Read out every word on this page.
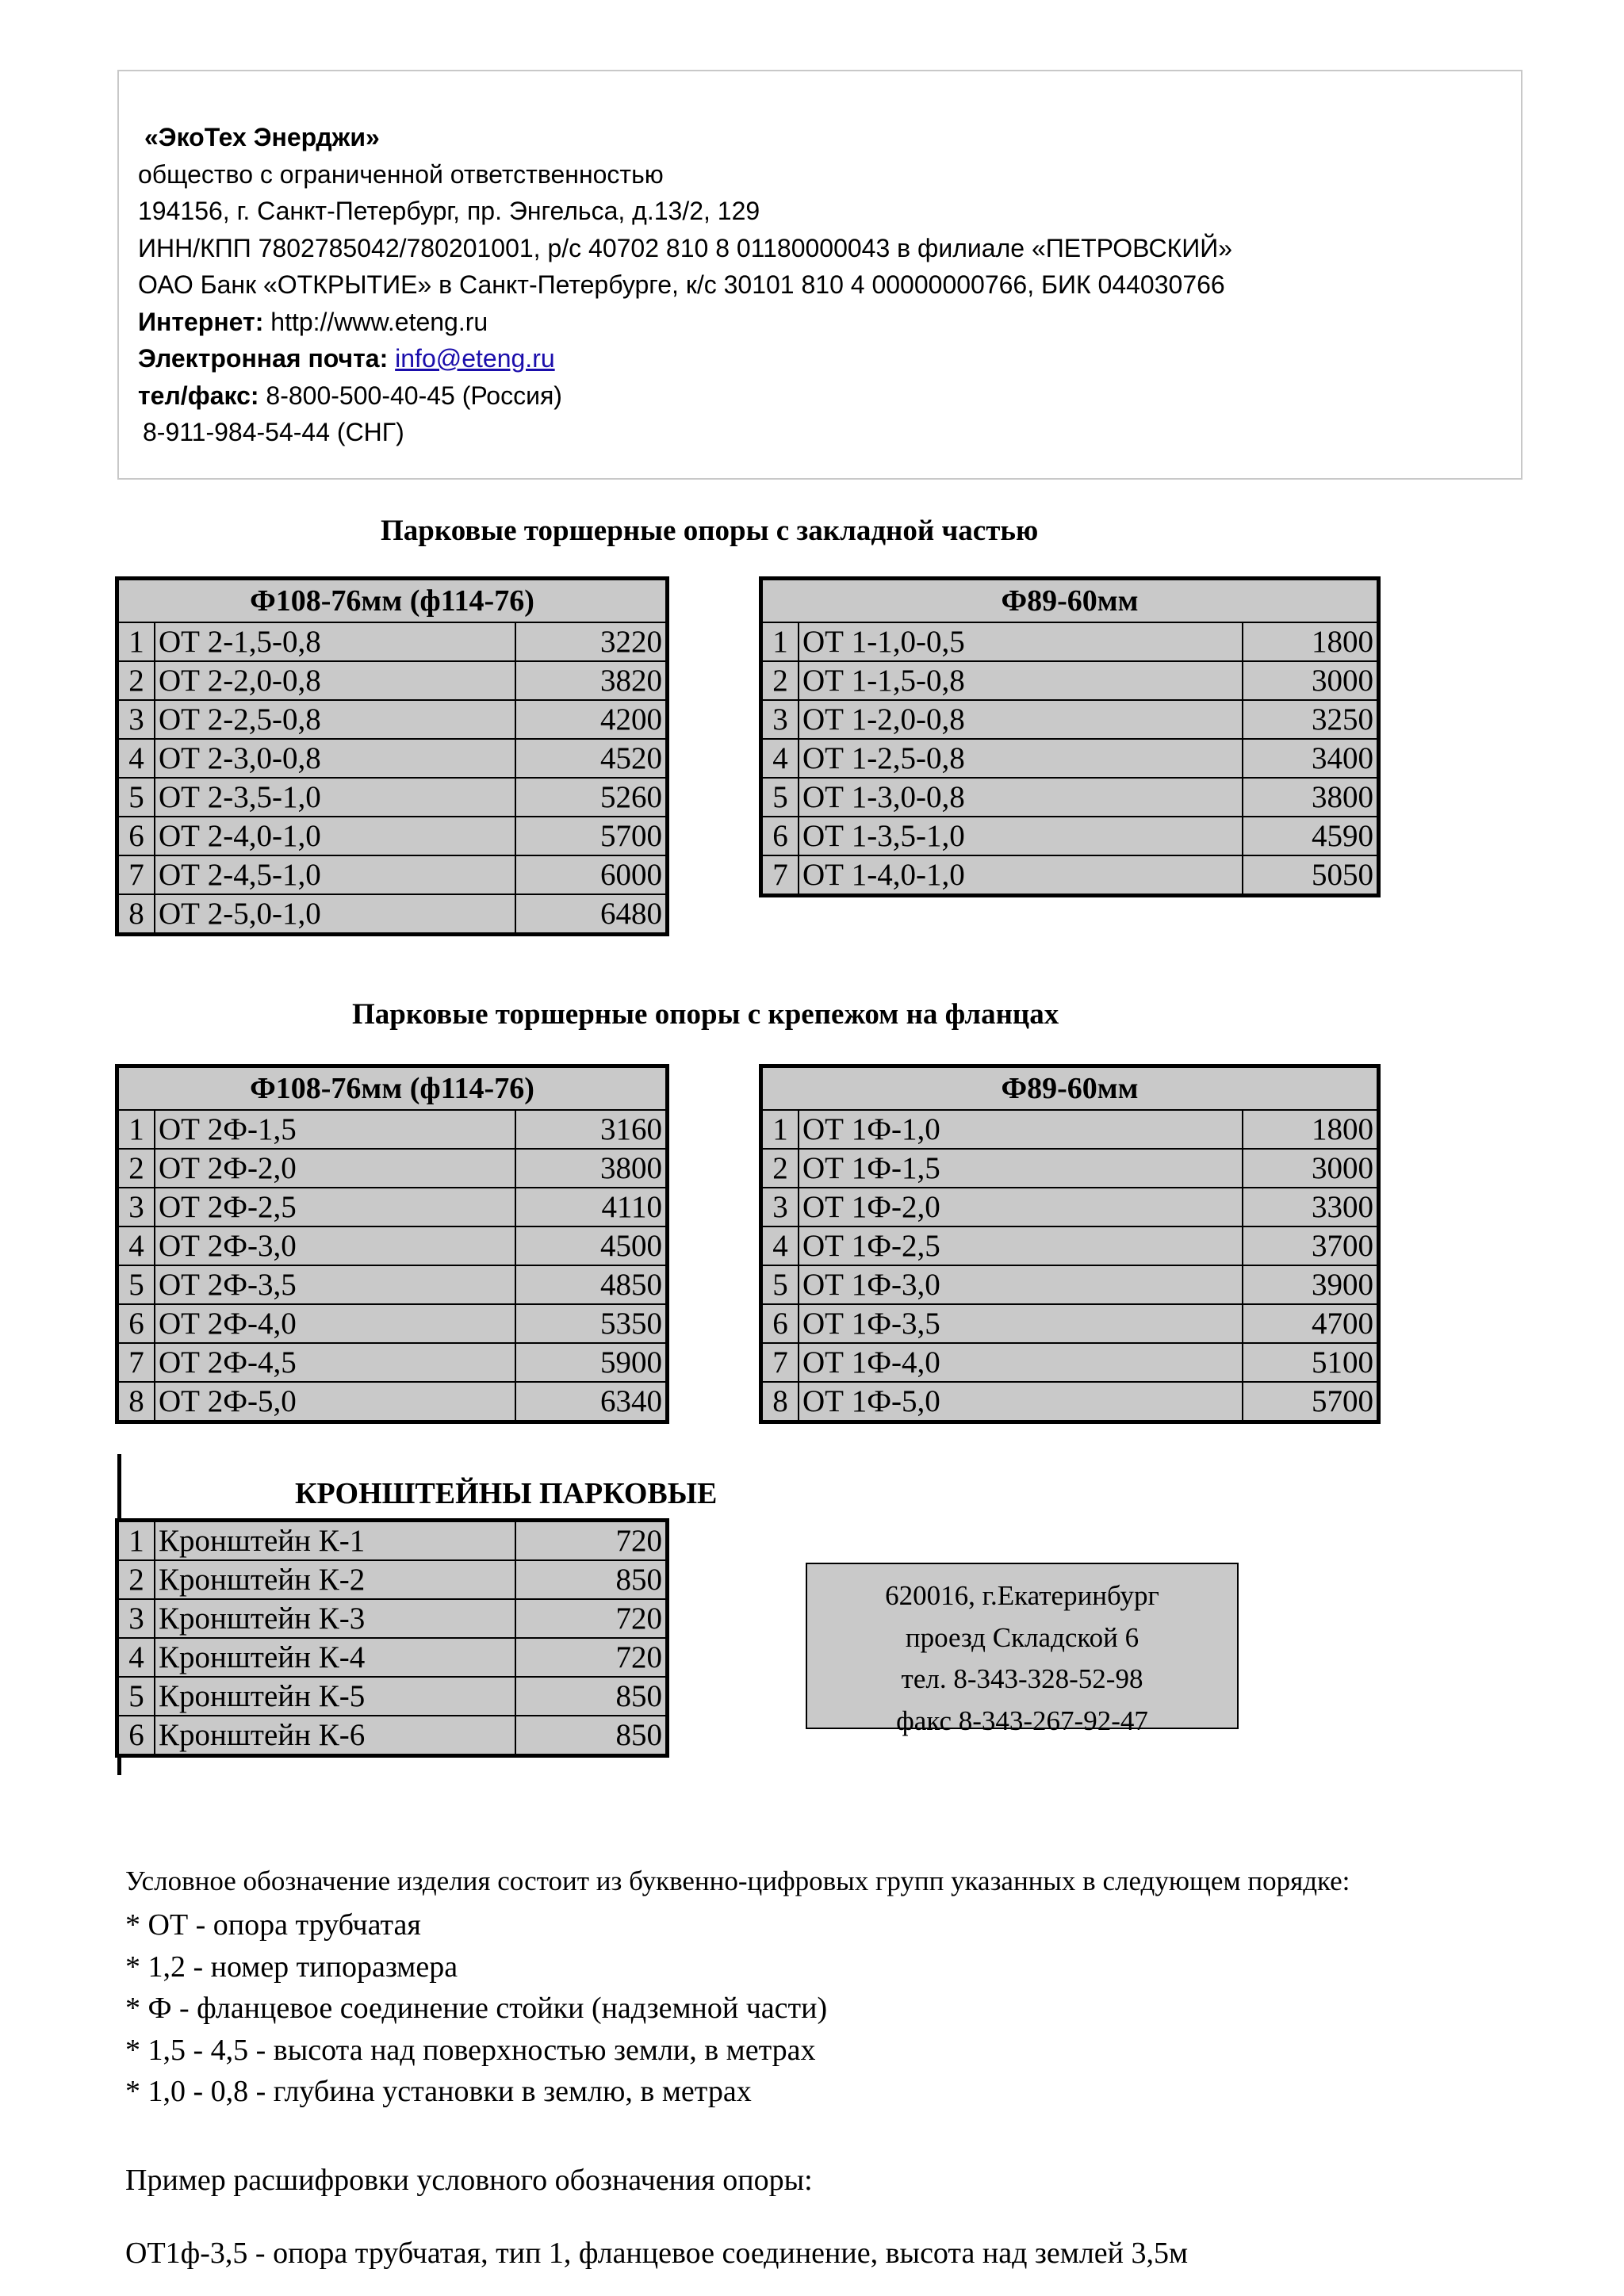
«ЭкоТех Энерджи»
общество с ограниченной ответственностью
194156, г. Санкт-Петербург, пр. Энгельса, д.13/2, 129
ИНН/КПП 7802785042/780201001, р/с 40702 810 8 01180000043 в филиале «ПЕТРОВСКИЙ»
ОАО Банк «ОТКРЫТИЕ» в Санкт-Петербурге, к/с 30101 810 4 00000000766, БИК 044030766
Интернет: http://www.eteng.ru
Электронная почта: info@eteng.ru
тел/факс: 8-800-500-40-45 (Россия)
8-911-984-54-44 (СНГ)
Парковые торшерные опоры с закладной частью
Ф108-76мм (ф114-76)		
1	ОТ 2-1,5-0,8	3220
2	ОТ 2-2,0-0,8	3820
3	ОТ 2-2,5-0,8	4200
4	ОТ 2-3,0-0,8	4520
5	ОТ 2-3,5-1,0	5260
6	ОТ 2-4,0-1,0	5700
7	ОТ 2-4,5-1,0	6000
8	ОТ 2-5,0-1,0	6480
Ф89-60мм		
1	ОТ 1-1,0-0,5	1800
2	ОТ 1-1,5-0,8	3000
3	ОТ 1-2,0-0,8	3250
4	ОТ 1-2,5-0,8	3400
5	ОТ 1-3,0-0,8	3800
6	ОТ 1-3,5-1,0	4590
7	ОТ 1-4,0-1,0	5050
Парковые торшерные опоры с крепежом на фланцах
Ф108-76мм (ф114-76)		
1	ОТ 2Ф-1,5	3160
2	ОТ 2Ф-2,0	3800
3	ОТ 2Ф-2,5	4110
4	ОТ 2Ф-3,0	4500
5	ОТ 2Ф-3,5	4850
6	ОТ 2Ф-4,0	5350
7	ОТ 2Ф-4,5	5900
8	ОТ 2Ф-5,0	6340
Ф89-60мм		
1	ОТ 1Ф-1,0	1800
2	ОТ 1Ф-1,5	3000
3	ОТ 1Ф-2,0	3300
4	ОТ 1Ф-2,5	3700
5	ОТ 1Ф-3,0	3900
6	ОТ 1Ф-3,5	4700
7	ОТ 1Ф-4,0	5100
8	ОТ 1Ф-5,0	5700
КРОНШТЕЙНЫ ПАРКОВЫЕ
1	Кронштейн К-1	720
2	Кронштейн К-2	850
3	Кронштейн К-3	720
4	Кронштейн К-4	720
5	Кронштейн К-5	850
6	Кронштейн К-6	850
620016, г.Екатеринбург
проезд Складской 6
тел. 8-343-328-52-98
факс 8-343-267-92-47
Условное обозначение изделия состоит из буквенно-цифровых групп указанных в следующем порядке:
* ОТ - опора трубчатая
* 1,2 - номер типоразмера
* Ф - фланцевое соединение стойки (надземной части)
* 1,5 - 4,5 - высота над поверхностью земли, в метрах
* 1,0 - 0,8 - глубина установки в землю, в метрах
Пример расшифровки условного обозначения опоры:
ОТ1ф-3,5 - опора трубчатая, тип 1, фланцевое соединение, высота над землей 3,5м
